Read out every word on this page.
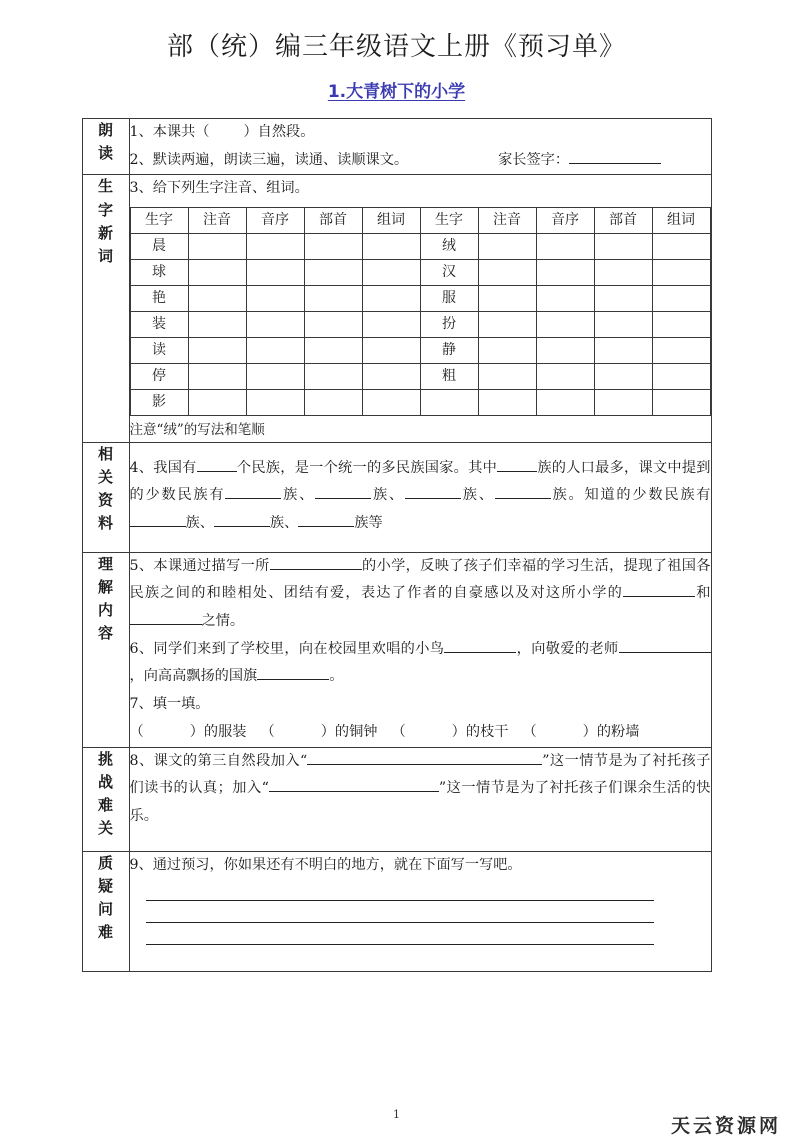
部（统）编三年级语文上册《预习单》
1.大青树下的小学
朗读

1、本课共（ ）自然段。
2、默读两遍，朗读三遍，读通、读顺课文。	家长签字：

生字新词

3、给下列生字注音、组词。
生字	注音	音序	部首	组词	生字	注音	音序	部首	组词
晨					绒				
球					汉				
艳					服				
装					扮				
读					静				
停					粗				
影									
注意“绒”的写法和笔顺

相关资料

4、我国有	个民族，是一个统一的多民族国家。其中	族的人口最多，课文中提到的少数民族有	族、	族、	族、	族。知道的少数民族有族、	族、	族等

理解内容

5、本课通过描写一所	的小学，反映了孩子们幸福的学习生活，提现了祖国各民族之间的和睦相处、团结有爱，表达了作者的自豪感以及对这所小学的	和之情。
6、同学们来到了学校里，向在校园里欢唱的小鸟	，向敬爱的老师，向高高飘扬的国旗	。
7、填一填。
（	）的服装 （	）的铜钟 （	）的枝干 （	）的粉墙

挑战难关

8、课文的第三自然段加入“	”这一情节是为了衬托孩子们读书的认真；加入“	”这一情节是为了衬托孩子们课余生活的快乐。

质疑问难

9、通过预习，你如果还有不明白的地方，就在下面写一写吧。
1
天云资源网
